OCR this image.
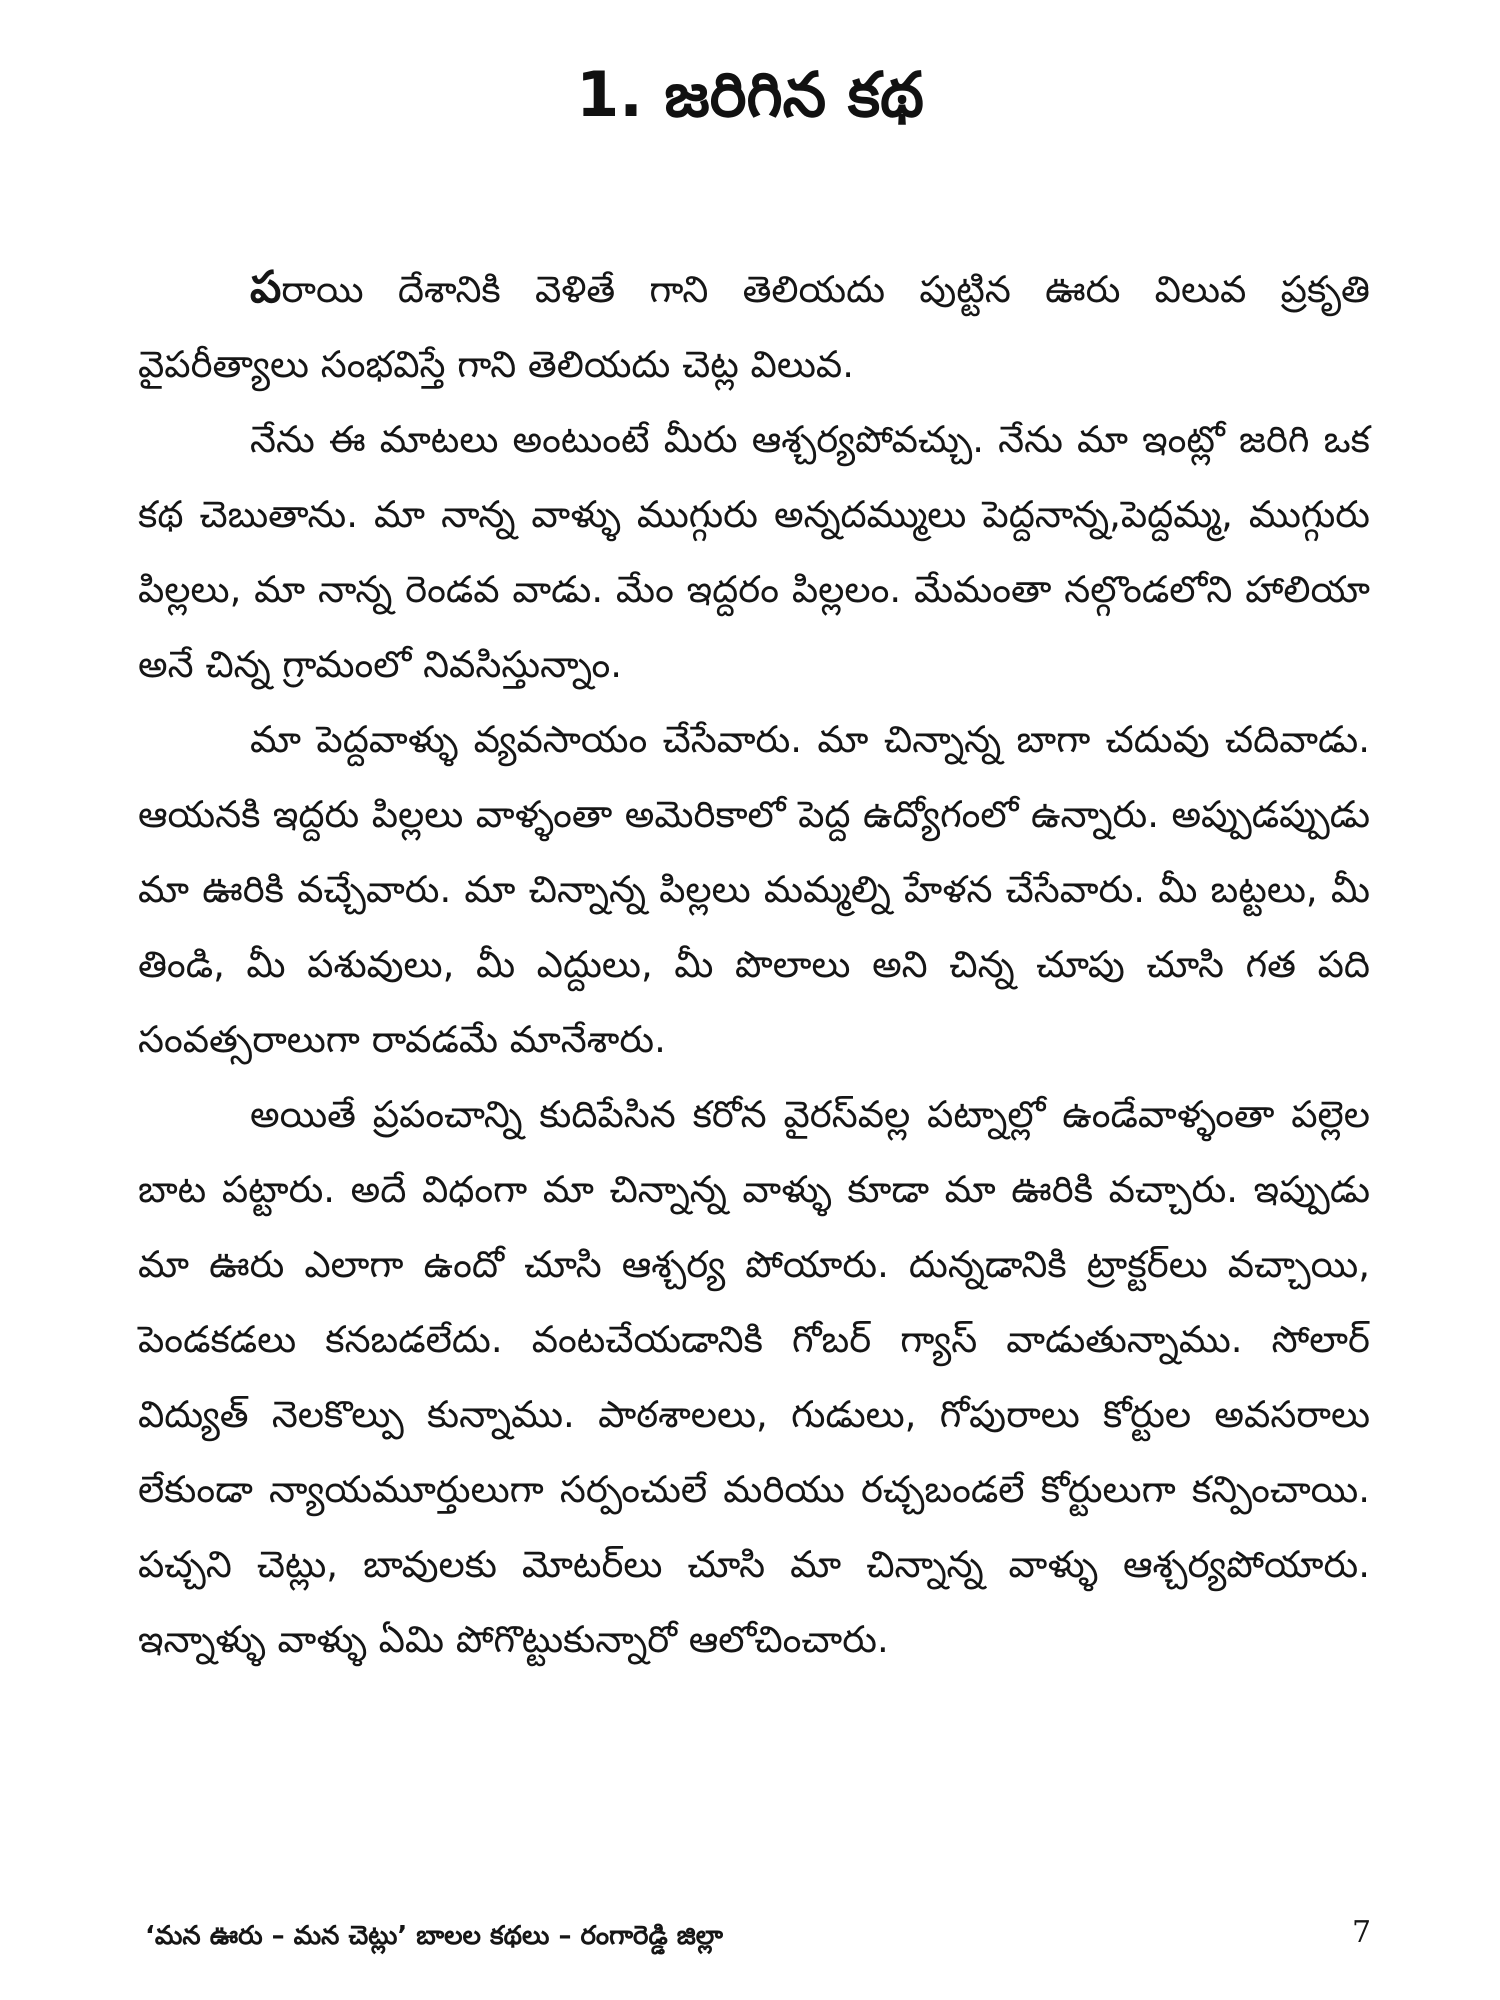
1. జరిగిన కథ

పరాయి దేశానికి వెళితే గాని తెలియదు పుట్టిన ఊరు విలువ ప్రకృతి వైపరీత్యాలు సంభవిస్తే గాని తెలియదు చెట్ల విలువ.

నేను ఈ మాటలు అంటుంటే మీరు ఆశ్చర్యపోవచ్చు. నేను మా ఇంట్లో జరిగి ఒక కథ చెబుతాను. మా నాన్న వాళ్ళు ముగ్గురు అన్నదమ్ములు పెద్దనాన్న,పెద్దమ్మ, ముగ్గురు పిల్లలు, మా నాన్న రెండవ వాడు. మేం ఇద్దరం పిల్లలం. మేమంతా నల్గొండలోని హాలియా అనే చిన్న గ్రామంలో నివసిస్తున్నాం.

మా పెద్దవాళ్ళు వ్యవసాయం చేసేవారు. మా చిన్నాన్న బాగా చదువు చదివాడు. ఆయనకి ఇద్దరు పిల్లలు వాళ్ళంతా అమెరికాలో పెద్ద ఉద్యోగంలో ఉన్నారు. అప్పుడప్పుడు మా ఊరికి వచ్చేవారు. మా చిన్నాన్న పిల్లలు మమ్మల్ని హేళన చేసేవారు. మీ బట్టలు, మీ తిండి, మీ పశువులు, మీ ఎద్దులు, మీ పొలాలు అని చిన్న చూపు చూసి గత పది సంవత్సరాలుగా రావడమే మానేశారు.

అయితే ప్రపంచాన్ని కుదిపేసిన కరోన వైరస్‌వల్ల పట్నాల్లో ఉండేవాళ్ళంతా పల్లెల బాట పట్టారు. అదే విధంగా మా చిన్నాన్న వాళ్ళు కూడా మా ఊరికి వచ్చారు. ఇప్పుడు మా ఊరు ఎలాగా ఉందో చూసి ఆశ్చర్య పోయారు. దున్నడానికి ట్రాక్టర్‌లు వచ్చాయి, పెండకడలు కనబడలేదు. వంటచేయడానికి గోబర్ గ్యాస్ వాడుతున్నాము. సోలార్ విద్యుత్ నెలకొల్పు కున్నాము. పాఠశాలలు, గుడులు, గోపురాలు కోర్టుల అవసరాలు లేకుండా న్యాయమూర్తులుగా సర్పంచులే మరియు రచ్చబండలే కోర్టులుగా కన్పించాయి. పచ్చని చెట్లు, బావులకు మోటర్‌లు చూసి మా చిన్నాన్న వాళ్ళు ఆశ్చర్యపోయారు. ఇన్నాళ్ళు వాళ్ళు ఏమి పోగొట్టుకున్నారో ఆలోచించారు.

‘మన ఊరు – మన చెట్లు’ బాలల కథలు – రంగారెడ్డి జిల్లా	7
